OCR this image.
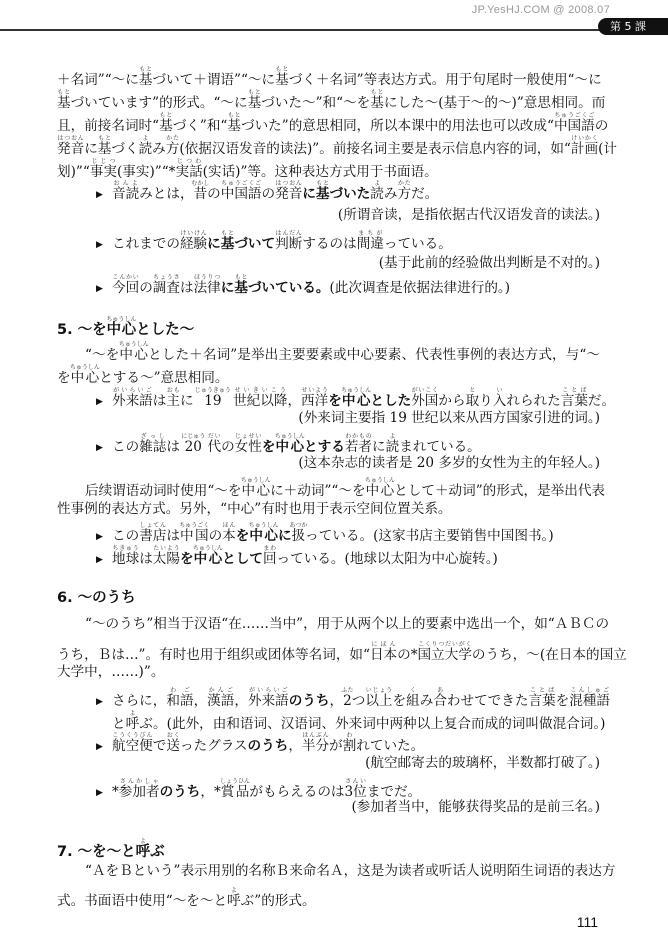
JP.YesHJ.COM @ 2008.07
第 5 課
＋名词”“～に基もとづいて＋谓语”“～に基もとづく＋名词”等表达方式。用于句尾时一般使用“～に
基もとづいています”的形式。“～に基もとづいた～”和“～を基もとにした～(基于～的～)”意思相同。而
且，前接名词时“基もとづく”和“基もとづいた”的意思相同，所以本课中的用法也可以改成“中国語ちゅうごくごの
発音はつおんに基もとづく読よみ方かた(依据汉语发音的读法)”。前接名词主要是表示信息内容的词，如“計画けいかく(计
划)”“事実じじつ(事实)”“*実話じつわ(实话)”等。这种表达方式用于书面语。
▶ 音読おんよみとは，昔むかしの中国語ちゅうごくごの発音はつおんに基もとづいた読よみ方かただ。
(所谓音读，是指依据古代汉语发音的读法。)
▶ これまでの経験けいけんに基もとづいて判断はんだんするのは間違まちがっている。
(基于此前的经验做出判断是不对的。)
▶ 今回こんかいの調査ちょうさは法律ほうりつに基もとづいている。(此次调查是依据法律进行的。)
5. ～を中心ちゅうしんとした～
“～を中心ちゅうしんとした＋名词”是举出主要要素或中心要素、代表性事例的表达方式，与“～
を中心ちゅうしんとする～”意思相同。
▶ 外来語がいらいごは主おもに 19じゅうきゅう 世紀以降せいきいこう，西洋せいようを中心ちゅうしんとした外国がいこくから取とり入いれられた言葉ことばだ。
(外来词主要指 19 世纪以来从西方国家引进的词。)
▶ この雑誌ざっしは 20にじゅう 代だいの女性じょせいを中心ちゅうしんとする若者わかものに読よまれている。
(这本杂志的读者是 20 多岁的女性为主的年轻人。)
后续谓语动词时使用“～を中心ちゅうしんに＋动词”“～を中心ちゅうしんとして＋动词”的形式，是举出代表
性事例的表达方式。另外，“中心”有时也用于表示空间位置关系。
▶ この書店しょてんは中国ちゅうごくの本ほんを中心ちゅうしんに扱あつかっている。(这家书店主要销售中国图书。)
▶ 地球ちきゅうは太陽たいようを中心ちゅうしんとして回まわっている。(地球以太阳为中心旋转。)
6. ～のうち
“～のうち”相当于汉语“在……当中”，用于从两个以上的要素中选出一个，如“ＡＢＣの
うち，Ｂは…”。有时也用于组织或团体等名词，如“日本にほんの*国立大学こくりつだいがくのうち，～(在日本的国立
大学中，……)”。
▶ さらに，和語わご，漢語かんご，外来語がいらいごのうち，2ふたつ以上いじょうを組くみ合あわせてできた言葉ことばを混種語こんしゅご
と呼よぶ。(此外，由和语词、汉语词、外来词中两种以上复合而成的词叫做混合词。)
▶ 航空便こうくうびんで送おくったグラスのうち，半分はんぶんが割われていた。
(航空邮寄去的玻璃杯，半数都打破了。)
▶ *参加者さんかしゃのうち，*賞品しょうひんがもらえるのは3位さんいまでだ。
(参加者当中，能够获得奖品的是前三名。)
7. ～を～と呼よぶ
“ＡをＢという”表示用别的名称Ｂ来命名Ａ，这是为读者或听话人说明陌生词语的表达方
式。书面语中使用“～を～と呼よぶ”的形式。
111
